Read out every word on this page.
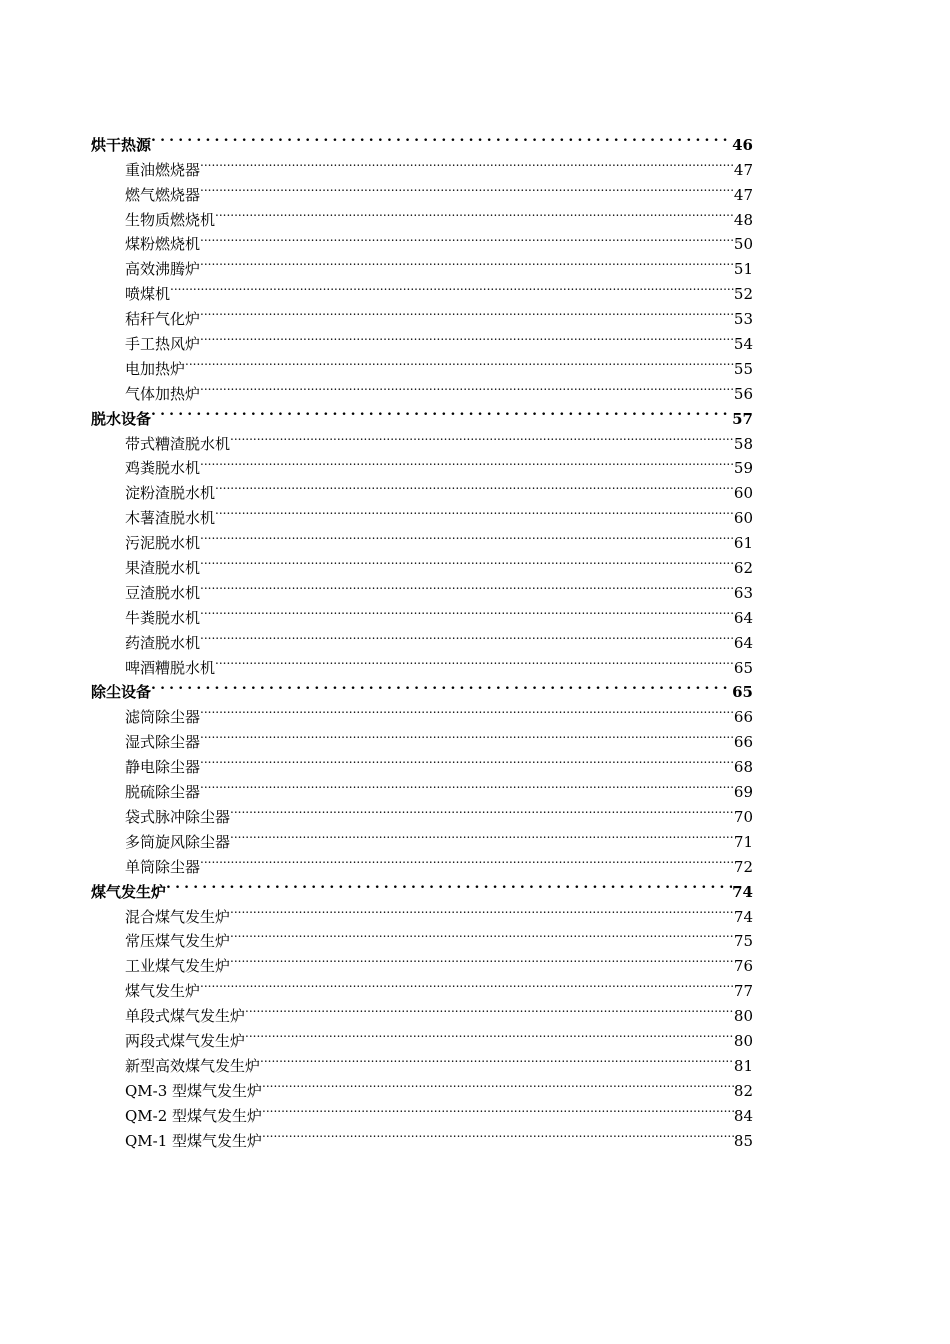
烘干热源 .....	46
重油燃烧器 .....	47
燃气燃烧器 .....	47
生物质燃烧机 .....	48
煤粉燃烧机 .....	50
高效沸腾炉 .....	51
喷煤机 .....	52
秸秆气化炉 .....	53
手工热风炉 .....	54
电加热炉 .....	55
气体加热炉 .....	56
脱水设备 .....	57
带式糟渣脱水机 .....	58
鸡粪脱水机 .....	59
淀粉渣脱水机 .....	60
木薯渣脱水机 .....	60
污泥脱水机 .....	61
果渣脱水机 .....	62
豆渣脱水机 .....	63
牛粪脱水机 .....	64
药渣脱水机 .....	64
啤酒糟脱水机 .....	65
除尘设备 .....	65
滤筒除尘器 .....	66
湿式除尘器 .....	66
静电除尘器 .....	68
脱硫除尘器 .....	69
袋式脉冲除尘器 .....	70
多筒旋风除尘器 .....	71
单筒除尘器 .....	72
煤气发生炉 .....	74
混合煤气发生炉 .....	74
常压煤气发生炉 .....	75
工业煤气发生炉 .....	76
煤气发生炉 .....	77
单段式煤气发生炉 .....	80
两段式煤气发生炉 .....	80
新型高效煤气发生炉 .....	81
QM-3 型煤气发生炉 .....	82
QM-2 型煤气发生炉 .....	84
QM-1 型煤气发生炉 .....	85
